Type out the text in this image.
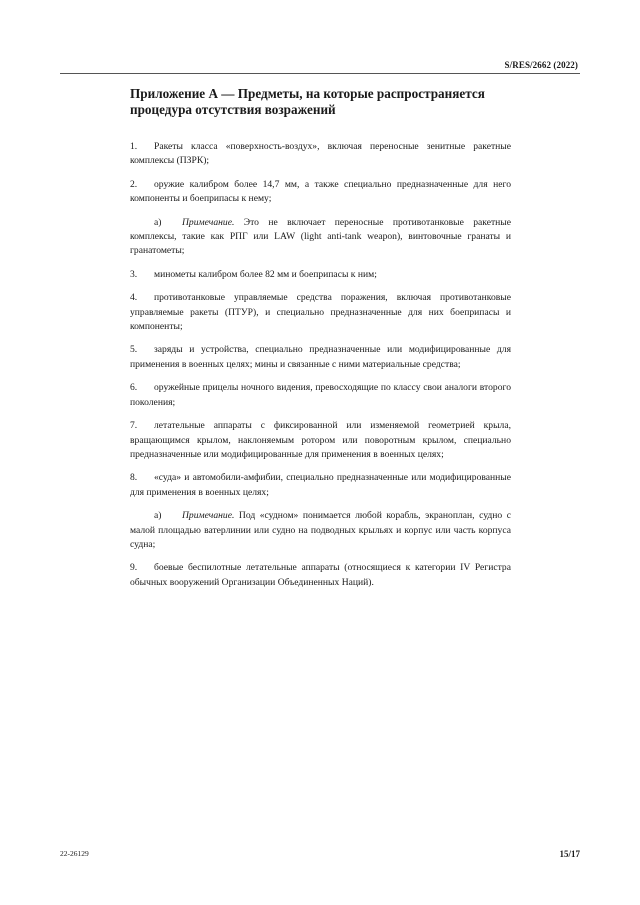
S/RES/2662 (2022)
Приложение А — Предметы, на которые распространяется процедура отсутствия возражений

1. Ракеты класса «поверхность-воздух», включая переносные зенитные ракетные комплексы (ПЗРК);

2. оружие калибром более 14,7 мм, а также специально предназначенные для него компоненты и боеприпасы к нему;

a) Примечание. Это не включает переносные противотанковые ракетные комплексы, такие как РПГ или LAW (light anti-tank weapon), винтовочные гранаты и гранатометы;

3. минометы калибром более 82 мм и боеприпасы к ним;

4. противотанковые управляемые средства поражения, включая противотанковые управляемые ракеты (ПТУР), и специально предназначенные для них боеприпасы и компоненты;

5. заряды и устройства, специально предназначенные или модифицированные для применения в военных целях; мины и связанные с ними материальные средства;

6. оружейные прицелы ночного видения, превосходящие по классу свои аналоги второго поколения;

7. летательные аппараты с фиксированной или изменяемой геометрией крыла, вращающимся крылом, наклоняемым ротором или поворотным крылом, специально предназначенные или модифицированные для применения в военных целях;

8. «суда» и автомобили-амфибии, специально предназначенные или модифицированные для применения в военных целях;

a) Примечание. Под «судном» понимается любой корабль, экраноплан, судно с малой площадью ватерлинии или судно на подводных крыльях и корпус или часть корпуса судна;

9. боевые беспилотные летательные аппараты (относящиеся к категории IV Регистра обычных вооружений Организации Объединенных Наций).

22-26129	15/17
